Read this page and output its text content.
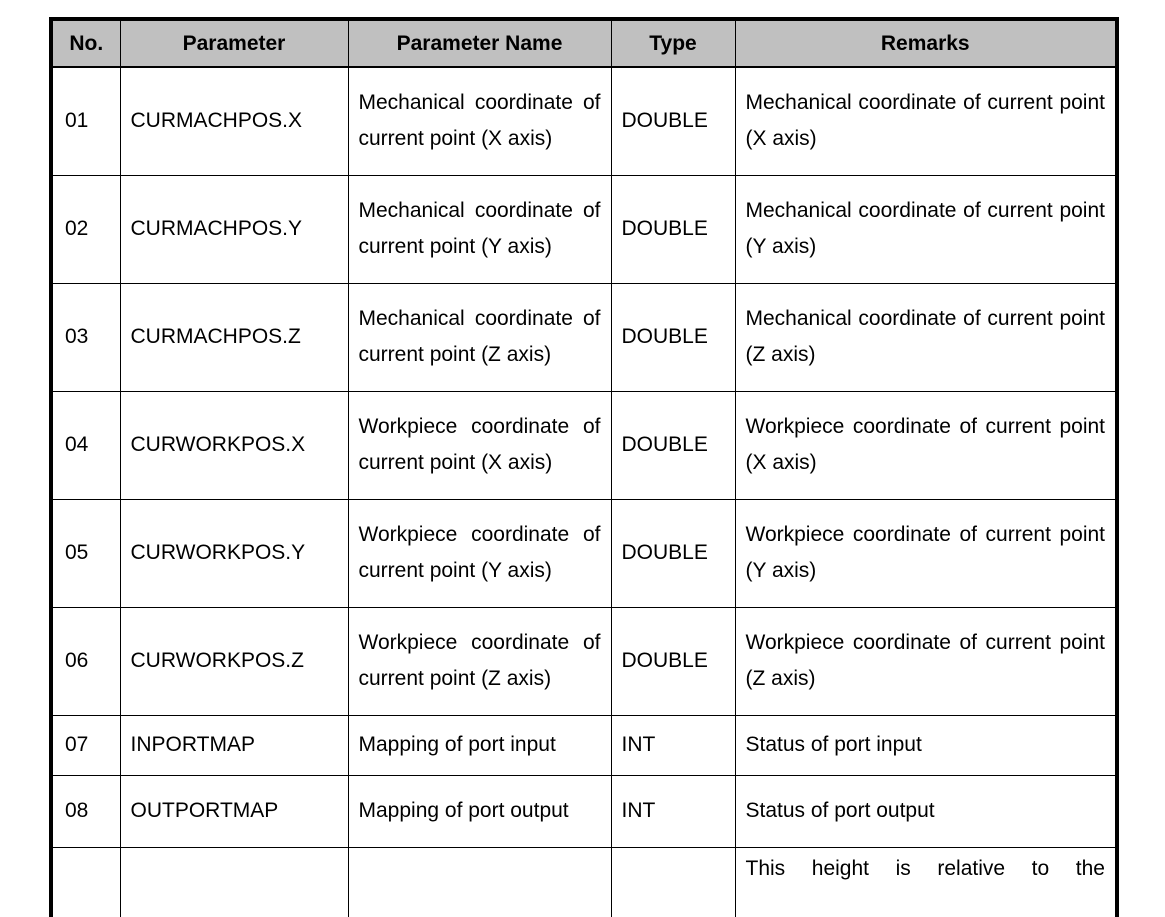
No.	Parameter	Parameter Name	Type	Remarks
01	CURMACHPOS.X	Mechanical coordinate of current point (X axis)	DOUBLE	Mechanical coordinate of current point (X axis)
02	CURMACHPOS.Y	Mechanical coordinate of current point (Y axis)	DOUBLE	Mechanical coordinate of current point (Y axis)
03	CURMACHPOS.Z	Mechanical coordinate of current point (Z axis)	DOUBLE	Mechanical coordinate of current point (Z axis)
04	CURWORKPOS.X	Workpiece coordinate of current point (X axis)	DOUBLE	Workpiece coordinate of current point (X axis)
05	CURWORKPOS.Y	Workpiece coordinate of current point (Y axis)	DOUBLE	Workpiece coordinate of current point (Y axis)
06	CURWORKPOS.Z	Workpiece coordinate of current point (Z axis)	DOUBLE	Workpiece coordinate of current point (Z axis)
07	INPORTMAP	Mapping of port input	INT	Status of port input
08	OUTPORTMAP	Mapping of port output	INT	Status of port output
				This height is relative to the
